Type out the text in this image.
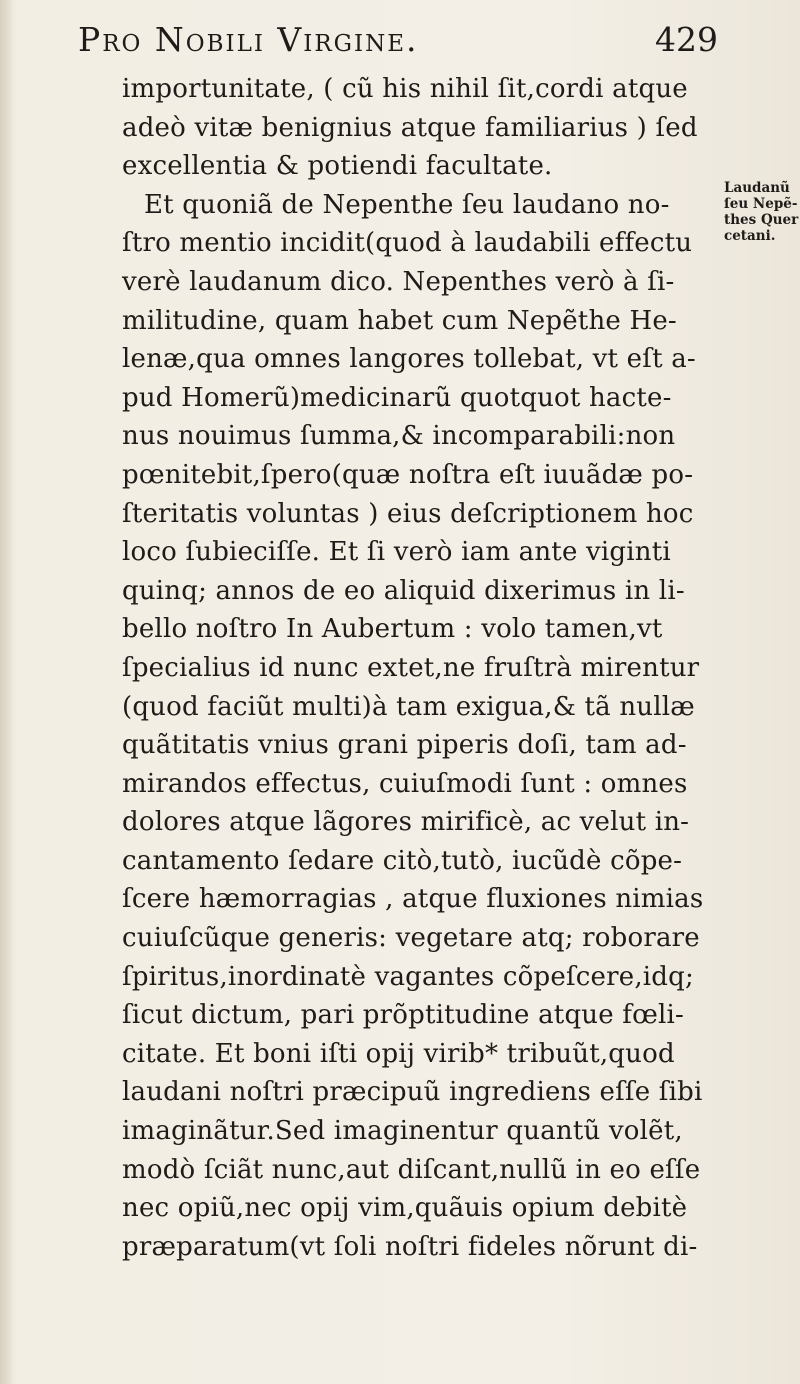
Pro Nobili Virgine.	429
importunitate, ( cũ his nihil ſit,cordi atque
adeò vitæ benignius atque familiarius ) ſed
excellentia & potiendi facultate.
Et quoniã de Nepenthe ſeu laudano no-
ſtro mentio incidit(quod à laudabili effectu
verè laudanum dico. Nepenthes verò à ſi-
militudine, quam habet cum Nepẽthe He-
lenæ,qua omnes langores tollebat, vt eſt a-
pud Homerũ)medicinarũ quotquot hacte-
nus nouimus ſumma,& incomparabili:non
pœnitebit,ſpero(quæ noſtra eſt iuuãdæ po-
ſteritatis voluntas ) eius deſcriptionem hoc
loco ſubieciſſe. Et ſi verò iam ante viginti
quinq; annos de eo aliquid dixerimus in li-
bello noſtro In Aubertum : volo tamen,vt
ſpecialius id nunc extet,ne fruſtrà mirentur
(quod faciũt multi)à tam exigua,& tã nullæ
quãtitatis vnius grani piperis doſi, tam ad-
mirandos effectus, cuiuſmodi ſunt : omnes
dolores atque lãgores mirificè, ac velut in-
cantamento ſedare citò,tutò, iucũdè cõpe-
ſcere hæmorragias , atque fluxiones nimias
cuiuſcũque generis: vegetare atq; roborare
ſpiritus,inordinatè vagantes cõpeſcere,idq;
ſicut dictum, pari prõptitudine atque fœli-
citate. Et boni iſti opij virib* tribuũt,quod
laudani noſtri præcipuũ ingrediens eſſe ſibi
imaginãtur.Sed imaginentur quantũ volẽt,
modò ſciãt nunc,aut diſcant,nullũ in eo eſſe
nec opiũ,nec opij vim,quãuis opium debitè
præparatum(vt ſoli noſtri fideles nõrunt di-
Laudanũ
ſeu Nepẽ-
thes Quer
cetani.
